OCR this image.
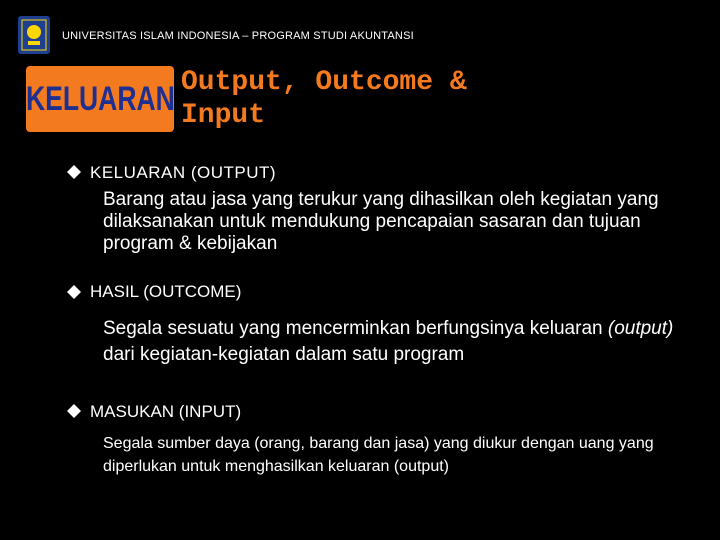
UNIVERSITAS ISLAM INDONESIA – PROGRAM STUDI AKUNTANSI
KELUARAN Output, Outcome &
Input
KELUARAN (OUTPUT)
Barang atau jasa yang terukur yang dihasilkan oleh kegiatan yang dilaksanakan untuk mendukung pencapaian sasaran dan tujuan program & kebijakan
HASIL (OUTCOME)
Segala sesuatu yang mencerminkan berfungsinya keluaran (output) dari kegiatan-kegiatan dalam satu program
MASUKAN (INPUT)
Segala sumber daya (orang, barang dan jasa) yang diukur dengan uang yang diperlukan untuk menghasilkan keluaran (output)
